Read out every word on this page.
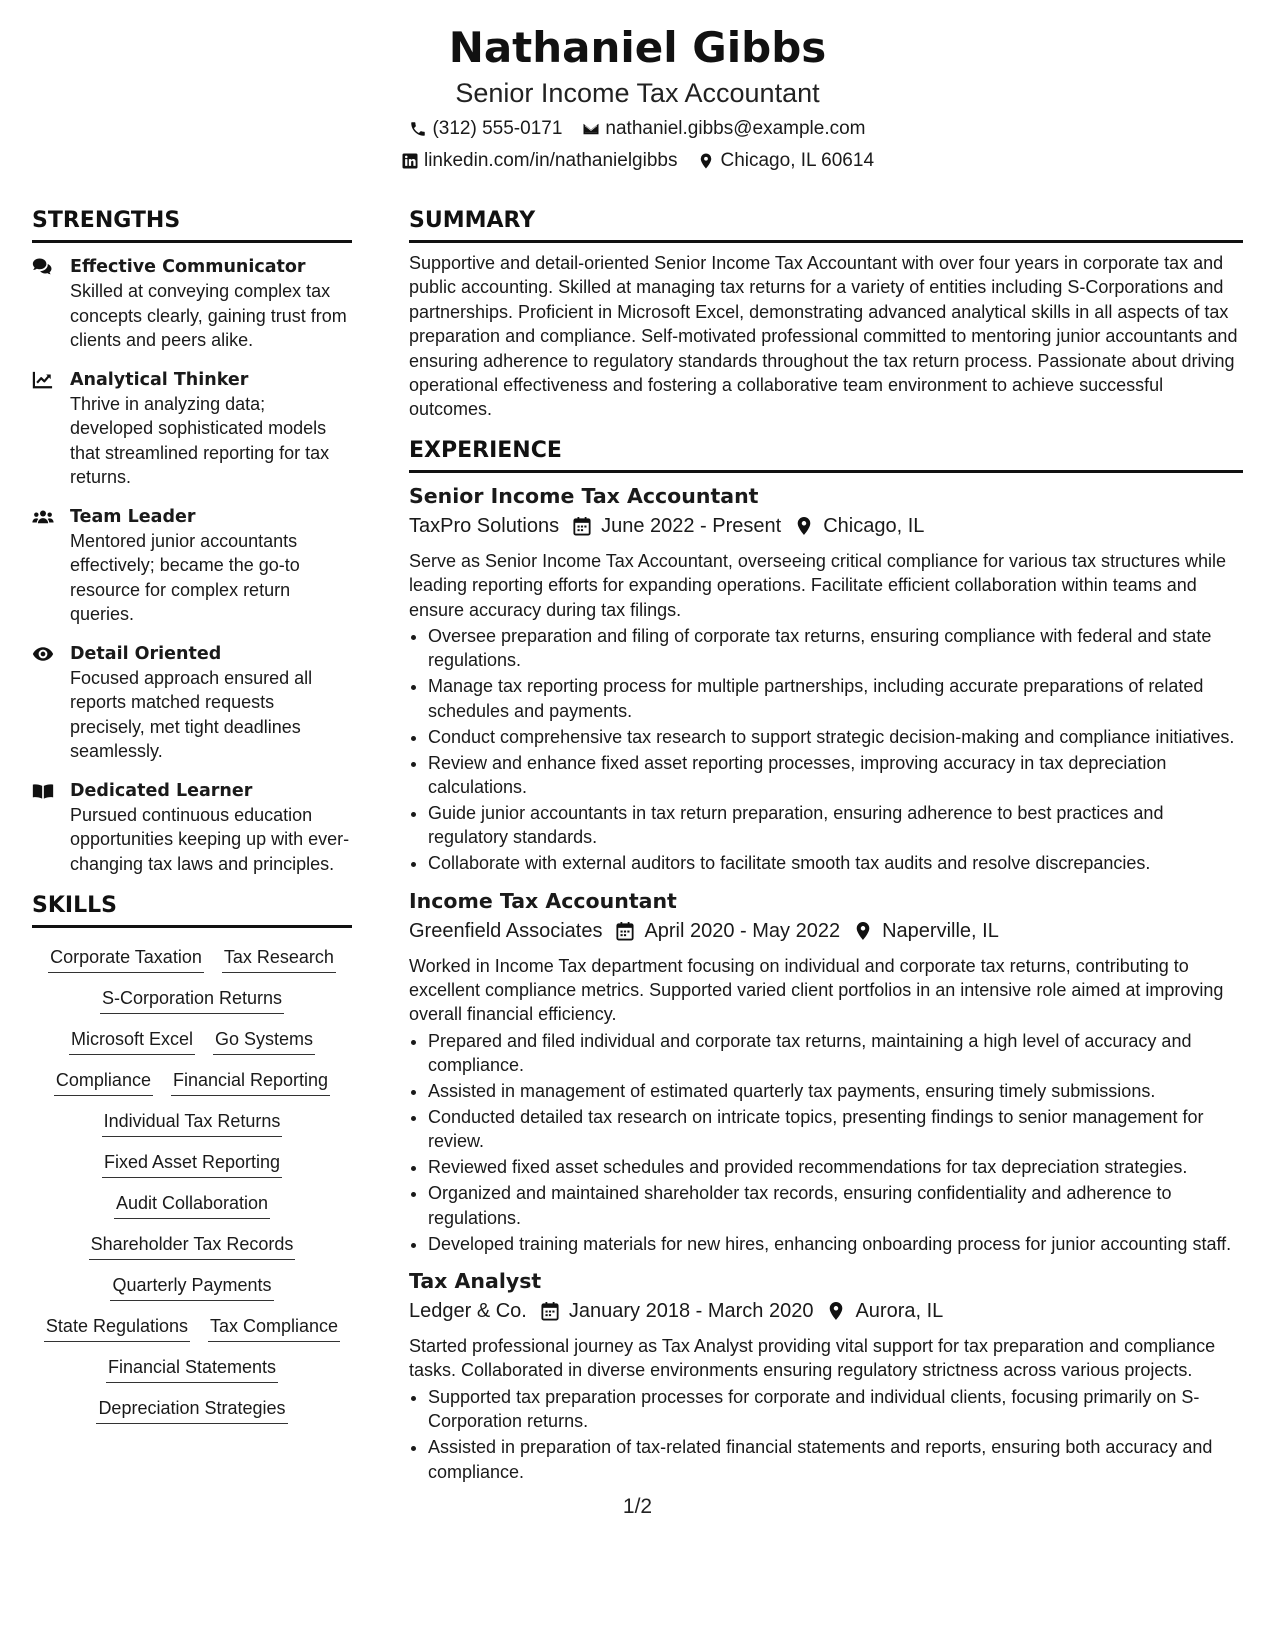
Nathaniel Gibbs

Senior Income Tax Accountant

(312) 555-0171 nathaniel.gibbs@example.com
linkedin.com/in/nathanielgibbs Chicago, IL 60614
STRENGTHS

Effective Communicator

Skilled at conveying complex tax concepts clearly, gaining trust from clients and peers alike.

Analytical Thinker

Thrive in analyzing data; developed sophisticated models that streamlined reporting for tax returns.

Team Leader

Mentored junior accountants effectively; became the go-to resource for complex return queries.

Detail Oriented

Focused approach ensured all reports matched requests precisely, met tight deadlines seamlessly.

Dedicated Learner

Pursued continuous education opportunities keeping up with ever-changing tax laws and principles.

SKILLS
Corporate Taxation Tax Research
S-Corporation Returns
Microsoft Excel Go Systems
Compliance Financial Reporting
Individual Tax Returns
Fixed Asset Reporting
Audit Collaboration
Shareholder Tax Records
Quarterly Payments
State Regulations Tax Compliance
Financial Statements
Depreciation Strategies
SUMMARY

Supportive and detail-oriented Senior Income Tax Accountant with over four years in corporate tax and public accounting. Skilled at managing tax returns for a variety of entities including S-Corporations and partnerships. Proficient in Microsoft Excel, demonstrating advanced analytical skills in all aspects of tax preparation and compliance. Self-motivated professional committed to mentoring junior accountants and ensuring adherence to regulatory standards throughout the tax return process. Passionate about driving operational effectiveness and fostering a collaborative team environment to achieve successful outcomes.

EXPERIENCE

Senior Income Tax Accountant

TaxPro Solutions June 2022 - Present Chicago, IL

Serve as Senior Income Tax Accountant, overseeing critical compliance for various tax structures while leading reporting efforts for expanding operations. Facilitate efficient collaboration within teams and ensure accuracy during tax filings.

• Oversee preparation and filing of corporate tax returns, ensuring compliance with federal and state regulations.
• Manage tax reporting process for multiple partnerships, including accurate preparations of related schedules and payments.
• Conduct comprehensive tax research to support strategic decision-making and compliance initiatives.
• Review and enhance fixed asset reporting processes, improving accuracy in tax depreciation calculations.
• Guide junior accountants in tax return preparation, ensuring adherence to best practices and regulatory standards.
• Collaborate with external auditors to facilitate smooth tax audits and resolve discrepancies.

Income Tax Accountant

Greenfield Associates April 2020 - May 2022 Naperville, IL

Worked in Income Tax department focusing on individual and corporate tax returns, contributing to excellent compliance metrics. Supported varied client portfolios in an intensive role aimed at improving overall financial efficiency.

• Prepared and filed individual and corporate tax returns, maintaining a high level of accuracy and compliance.
• Assisted in management of estimated quarterly tax payments, ensuring timely submissions.
• Conducted detailed tax research on intricate topics, presenting findings to senior management for review.
• Reviewed fixed asset schedules and provided recommendations for tax depreciation strategies.
• Organized and maintained shareholder tax records, ensuring confidentiality and adherence to regulations.
• Developed training materials for new hires, enhancing onboarding process for junior accounting staff.

Tax Analyst

Ledger & Co. January 2018 - March 2020 Aurora, IL

Started professional journey as Tax Analyst providing vital support for tax preparation and compliance tasks. Collaborated in diverse environments ensuring regulatory strictness across various projects.

• Supported tax preparation processes for corporate and individual clients, focusing primarily on S-Corporation returns.
• Assisted in preparation of tax-related financial statements and reports, ensuring both accuracy and compliance.
1/2
